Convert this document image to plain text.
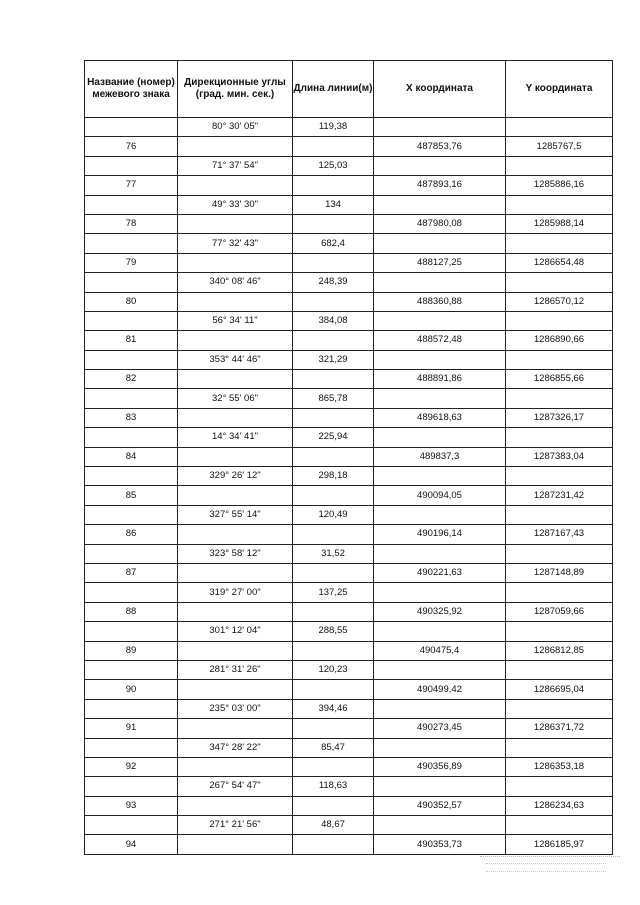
Название (номер) межевого знака	Дирекционные углы (град. мин. сек.)	Длина линии(м)	X координата	Y координата
	80° 30' 05"	119,38		
76			487853,76	1285767,5
	71° 37' 54"	125,03		
77			487893,16	1285886,16
	49° 33' 30"	134		
78			487980,08	1285988,14
	77° 32' 43"	682,4		
79			488127,25	1286654,48
	340° 08' 46"	248,39		
80			488360,88	1286570,12
	56° 34' 11"	384,08		
81			488572,48	1286890,66
	353° 44' 46"	321,29		
82			488891,86	1286855,66
	32° 55' 06"	865,78		
83			489618,63	1287326,17
	14° 34' 41"	225,94		
84			489837,3	1287383,04
	329° 26' 12"	298,18		
85			490094,05	1287231,42
	327° 55' 14"	120,49		
86			490196,14	1287167,43
	323° 58' 12"	31,52		
87			490221,63	1287148,89
	319° 27' 00"	137,25		
88			490325,92	1287059,66
	301° 12' 04"	288,55		
89			490475,4	1286812,85
	281° 31' 26"	120,23		
90			490499,42	1286695,04
	235° 03' 00"	394,46		
91			490273,45	1286371,72
	347° 28' 22"	85,47		
92			490356,89	1286353,18
	267° 54' 47"	118,63		
93			490352,57	1286234,63
	271° 21' 56"	48,67		
94			490353,73	1286185,97
